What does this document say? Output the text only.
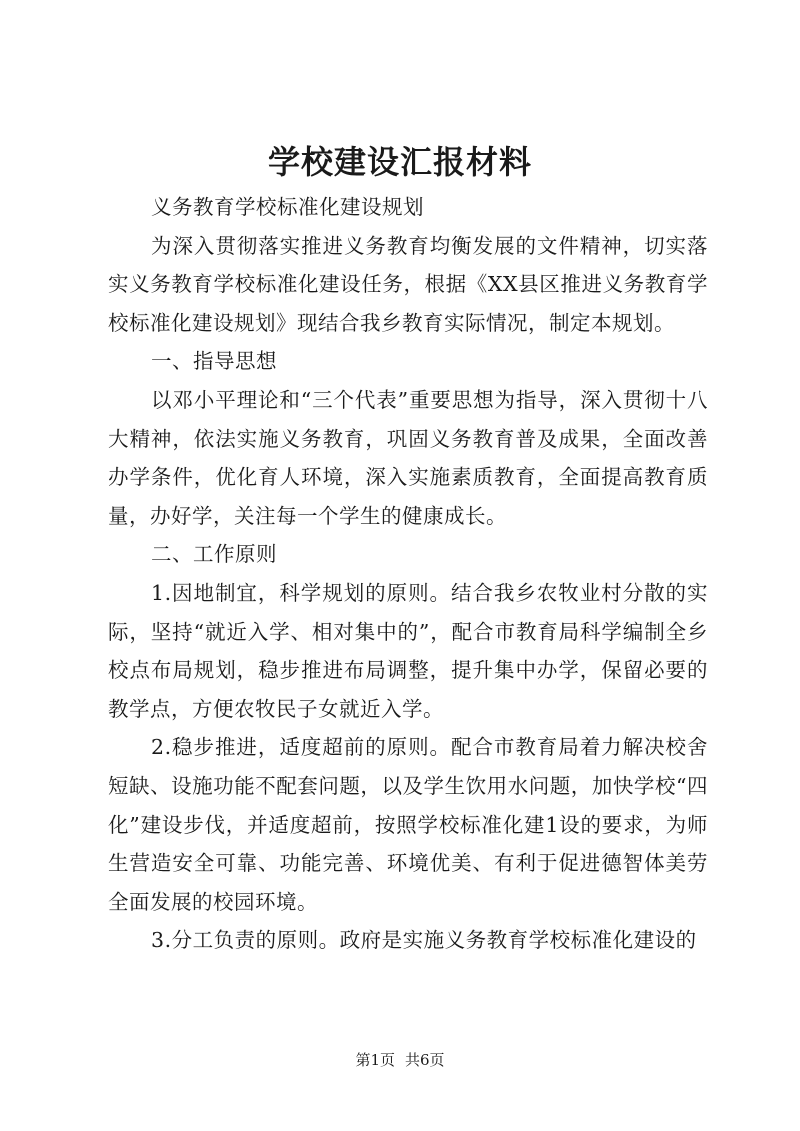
学校建设汇报材料

义务教育学校标准化建设规划

为深入贯彻落实推进义务教育均衡发展的文件精神，切实落实义务教育学校标准化建设任务，根据《XX县区推进义务教育学校标准化建设规划》现结合我乡教育实际情况，制定本规划。

一、指导思想

以邓小平理论和“三个代表”重要思想为指导，深入贯彻十八大精神，依法实施义务教育，巩固义务教育普及成果，全面改善办学条件，优化育人环境，深入实施素质教育，全面提高教育质量，办好学，关注每一个学生的健康成长。

二、工作原则

1.因地制宜，科学规划的原则。结合我乡农牧业村分散的实际，坚持“就近入学、相对集中的”，配合市教育局科学编制全乡校点布局规划，稳步推进布局调整，提升集中办学，保留必要的教学点，方便农牧民子女就近入学。

2.稳步推进，适度超前的原则。配合市教育局着力解决校舍短缺、设施功能不配套问题，以及学生饮用水问题，加快学校“四化”建设步伐，并适度超前，按照学校标准化建1设的要求，为师生营造安全可靠、功能完善、环境优美、有利于促进德智体美劳全面发展的校园环境。

3.分工负责的原则。政府是实施义务教育学校标准化建设的

第1页 共6页
